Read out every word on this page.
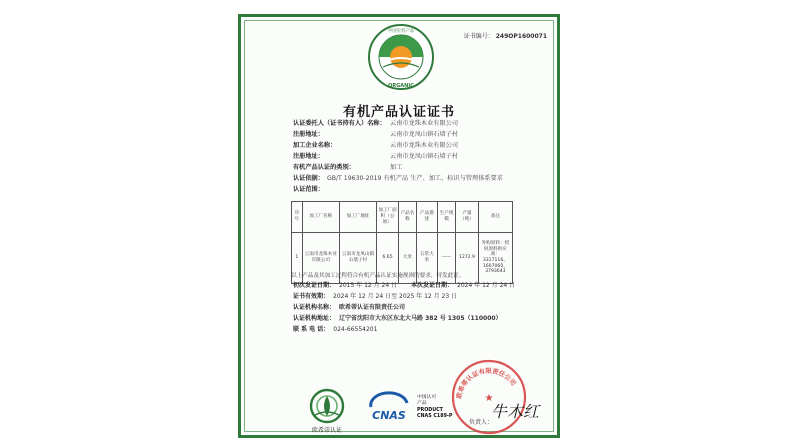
证书编号： 249OP1600071
中国有机产品
ORGANIC
有机产品认证证书
认证委托人（证书持有人）名称： 云南市龙珠木业有限公司
注册地址：	云南市龙凤山镇石墙子村
加工企业名称：	云南市龙珠木业有限公司
注册地址：	云南市龙凤山镇石墙子村
有机产品认证的类别：	加工
认证依据： GB/T 19630-2019 有机产品 生产、加工、标识与管理体系要求
认证范围：
序号	加工厂名称	加工厂地址	加工厂面积（公顷）	产品名称	产品描述	生产规模	产量（吨）	备注
1	云南市龙珠木业有限公司	云南市龙凤山镇石墙子村	6.65	大米	五常大米	——	1272.9	外购原料：授权原料供应商：3317116、1607060、3793643
以上产品及其加工过程符合有机产品认证实施规则的要求，特发此证。
初次发证日期： 2015 年 12 月 24 日 本次发证日期： 2024 年 12 月 24 日
证书有效期： 2024 年 12 月 24 日至 2025 年 12 月 23 日
认证机构名称： 欧希蒂认证有限责任公司
认证机构地址： 辽宁省沈阳市大东区东北大马路 382 号 1305（110000）
联 系 电 话： 024-66554201
欧希蒂认证
CNAS
中国认可
产品
PRODUCT
CNAS C189-P
欧希蒂认证有限责任公司
★
牛木红
负责人：
